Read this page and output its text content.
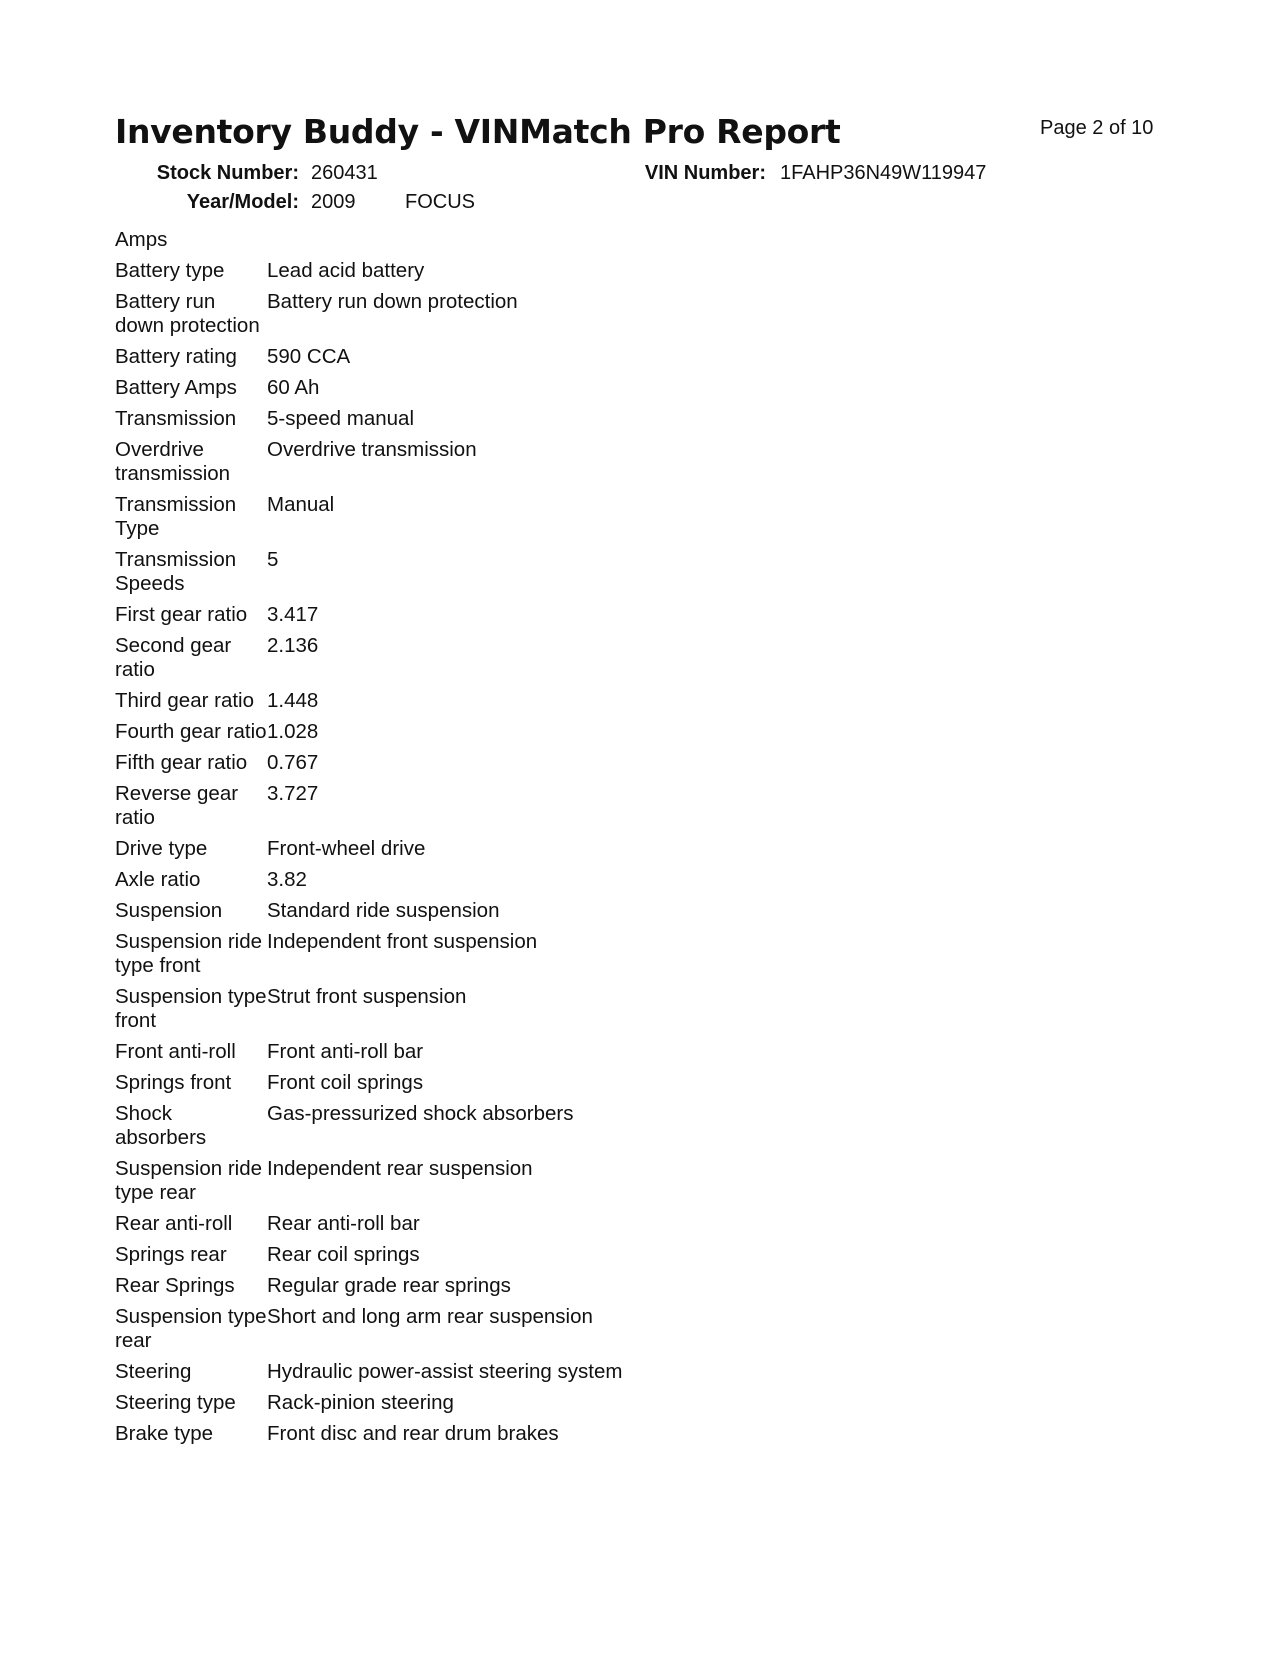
Inventory Buddy - VINMatch Pro Report	Page 2 of 10
Stock Number: 260431	VIN Number: 1FAHP36N49W119947
Year/Model: 2009 FOCUS
Amps	
Battery type	Lead acid battery
Battery run down protection	Battery run down protection
Battery rating	590 CCA
Battery Amps	60 Ah
Transmission	5-speed manual
Overdrive transmission	Overdrive transmission
Transmission Type	Manual
Transmission Speeds	5
First gear ratio	3.417
Second gear ratio	2.136
Third gear ratio	1.448
Fourth gear ratio	1.028
Fifth gear ratio	0.767
Reverse gear ratio	3.727
Drive type	Front-wheel drive
Axle ratio	3.82
Suspension	Standard ride suspension
Suspension ride type front	Independent front suspension
Suspension type front	Strut front suspension
Front anti-roll	Front anti-roll bar
Springs front	Front coil springs
Shock absorbers	Gas-pressurized shock absorbers
Suspension ride type rear	Independent rear suspension
Rear anti-roll	Rear anti-roll bar
Springs rear	Rear coil springs
Rear Springs	Regular grade rear springs
Suspension type rear	Short and long arm rear suspension
Steering	Hydraulic power-assist steering system
Steering type	Rack-pinion steering
Brake type	Front disc and rear drum brakes
